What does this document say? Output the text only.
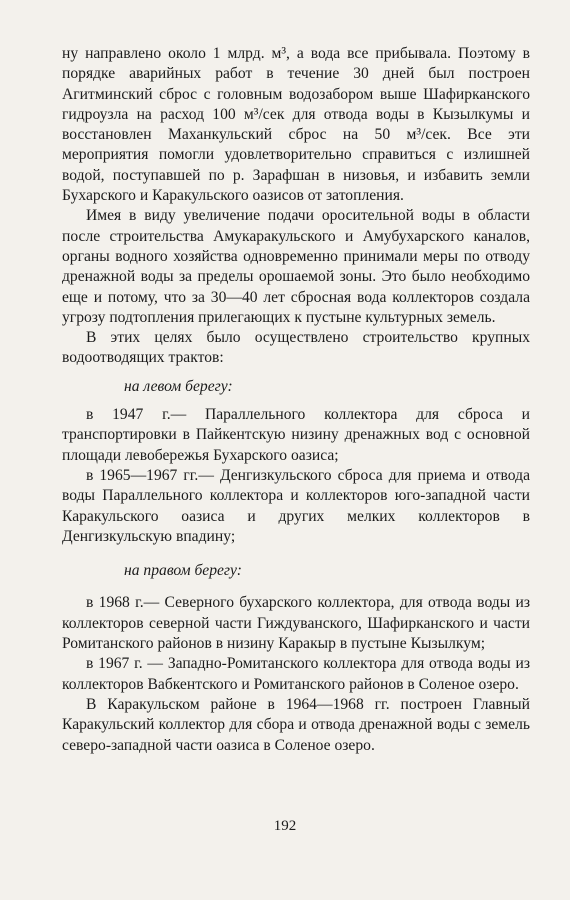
ну направлено около 1 млрд. м³, а вода все прибывала. Поэтому в порядке аварийных работ в течение 30 дней был построен Агитминский сброс с головным водозабором выше Шафирканского гидроузла на расход 100 м³/сек для отвода воды в Кызылкумы и восстановлен Маханкульский сброс на 50 м³/сек. Все эти мероприятия помогли удовлетворительно справиться с излишней водой, поступавшей по р. Зарафшан в низовья, и избавить земли Бухарского и Каракульского оазисов от затопления.

Имея в виду увеличение подачи оросительной воды в области после строительства Амукаракульского и Амубухарского каналов, органы водного хозяйства одновременно принимали меры по отводу дренажной воды за пределы орошаемой зоны. Это было необходимо еще и потому, что за 30—40 лет сбросная вода коллекторов создала угрозу подтопления прилегающих к пустыне культурных земель.

В этих целях было осуществлено строительство крупных водоотводящих трактов:

на левом берегу:

в 1947 г.— Параллельного коллектора для сброса и транспортировки в Пайкентскую низину дренажных вод с основной площади левобережья Бухарского оазиса;

в 1965—1967 гг.— Денгизкульского сброса для приема и отвода воды Параллельного коллектора и коллекторов юго-западной части Каракульского оазиса и других мелких коллекторов в Денгизкульскую впадину;

на правом берегу:

в 1968 г.— Северного бухарского коллектора, для отвода воды из коллекторов северной части Гиждуванского, Шафирканского и части Ромитанского районов в низину Каракыр в пустыне Кызылкум;

в 1967 г. — Западно-Ромитанского коллектора для отвода воды из коллекторов Вабкентского и Ромитанского районов в Соленое озеро.

В Каракульском районе в 1964—1968 гг. построен Главный Каракульский коллектор для сбора и отвода дренажной воды с земель северо-западной части оазиса в Соленое озеро.

192
